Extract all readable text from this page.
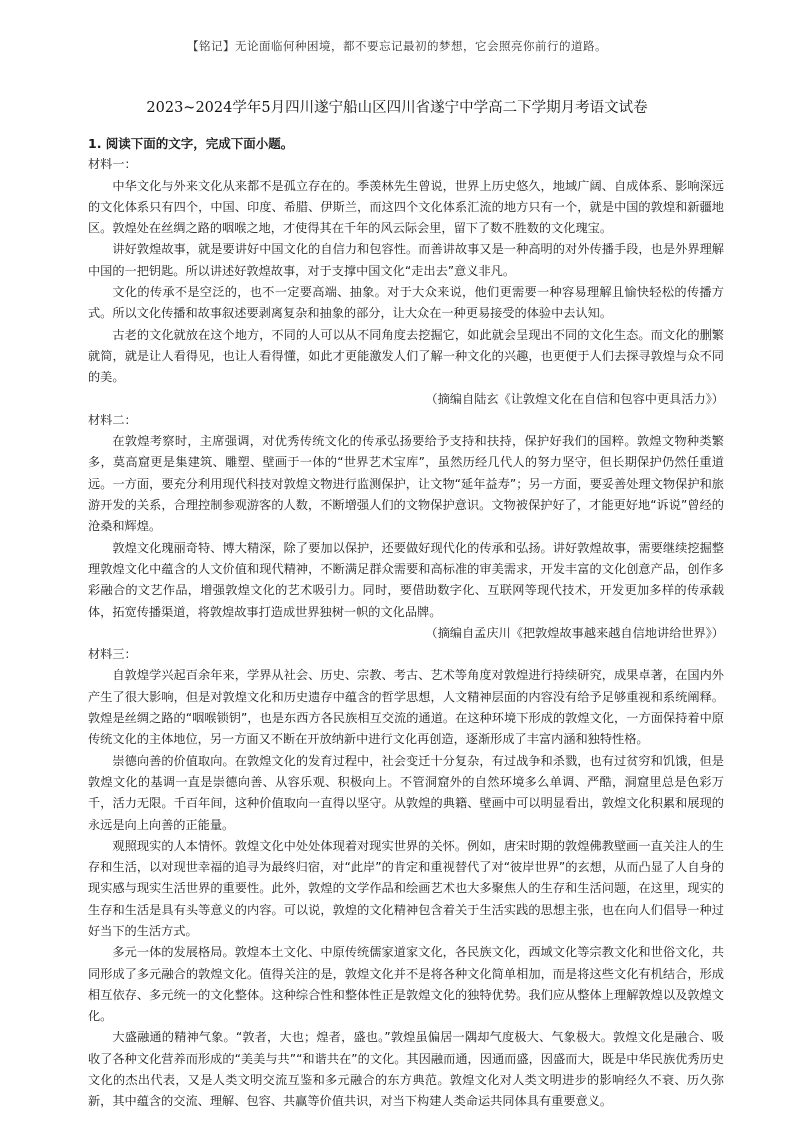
【铭记】无论面临何种困境，都不要忘记最初的梦想，它会照亮你前行的道路。
2023~2024学年5月四川遂宁船山区四川省遂宁中学高二下学期月考语文试卷

1. 阅读下面的文字，完成下面小题。

材料一：

中华文化与外来文化从来都不是孤立存在的。季羡林先生曾说，世界上历史悠久，地域广阔、自成体系、影响深远的文化体系只有四个，中国、印度、希腊、伊斯兰，而这四个文化体系汇流的地方只有一个，就是中国的敦煌和新疆地区。敦煌处在丝绸之路的咽喉之地，才使得其在千年的风云际会里，留下了数不胜数的文化瑰宝。

讲好敦煌故事，就是要讲好中国文化的自信力和包容性。而善讲故事又是一种高明的对外传播手段，也是外界理解中国的一把钥匙。所以讲述好敦煌故事，对于支撑中国文化“走出去”意义非凡。

文化的传承不是空泛的，也不一定要高端、抽象。对于大众来说，他们更需要一种容易理解且愉快轻松的传播方式。所以文化传播和故事叙述要剥离复杂和抽象的部分，让大众在一种更易接受的体验中去认知。

古老的文化就放在这个地方，不同的人可以从不同角度去挖掘它，如此就会呈现出不同的文化生态。而文化的删繁就简，就是让人看得见，也让人看得懂，如此才更能激发人们了解一种文化的兴趣，也更便于人们去探寻敦煌与众不同的美。

（摘编自陆玄《让敦煌文化在自信和包容中更具活力》）

材料二：

在敦煌考察时，主席强调，对优秀传统文化的传承弘扬要给予支持和扶持，保护好我们的国粹。敦煌文物种类繁多，莫高窟更是集建筑、雕塑、壁画于一体的“世界艺术宝库”，虽然历经几代人的努力坚守，但长期保护仍然任重道远。一方面，要充分利用现代科技对敦煌文物进行监测保护，让文物“延年益寿”；另一方面，要妥善处理文物保护和旅游开发的关系，合理控制参观游客的人数，不断增强人们的文物保护意识。文物被保护好了，才能更好地“诉说”曾经的沧桑和辉煌。

敦煌文化瑰丽奇特、博大精深，除了要加以保护，还要做好现代化的传承和弘扬。讲好敦煌故事，需要继续挖掘整理敦煌文化中蕴含的人文价值和现代精神，不断满足群众需要和高标准的审美需求，开发丰富的文化创意产品，创作多彩融合的文艺作品，增强敦煌文化的艺术吸引力。同时，要借助数字化、互联网等现代技术，开发更加多样的传承载体，拓宽传播渠道，将敦煌故事打造成世界独树一帜的文化品牌。

（摘编自孟庆川《把敦煌故事越来越自信地讲给世界》）

材料三：

自敦煌学兴起百余年来，学界从社会、历史、宗教、考古、艺术等角度对敦煌进行持续研究，成果卓著，在国内外产生了很大影响，但是对敦煌文化和历史遗存中蕴含的哲学思想，人文精神层面的内容没有给予足够重视和系统阐释。敦煌是丝绸之路的“咽喉锁钥”，也是东西方各民族相互交流的通道。在这种环境下形成的敦煌文化，一方面保持着中原传统文化的主体地位，另一方面又不断在开放纳新中进行文化再创造，逐渐形成了丰富内涵和独特性格。

崇德向善的价值取向。在敦煌文化的发育过程中，社会变迁十分复杂，有过战争和杀戮，也有过贫穷和饥饿，但是敦煌文化的基调一直是崇德向善、从容乐观、积极向上。不管洞窟外的自然环境多么单调、严酷，洞窟里总是色彩万千，活力无限。千百年间，这种价值取向一直得以坚守。从敦煌的典籍、壁画中可以明显看出，敦煌文化积累和展现的永远是向上向善的正能量。

观照现实的人本情怀。敦煌文化中处处体现着对现实世界的关怀。例如，唐宋时期的敦煌佛教壁画一直关注人的生存和生活，以对现世幸福的追寻为最终归宿，对“此岸”的肯定和重视替代了对“彼岸世界”的玄想，从而凸显了人自身的现实感与现实生活世界的重要性。此外，敦煌的文学作品和绘画艺术也大多聚焦人的生存和生活问题，在这里，现实的生存和生活是具有头等意义的内容。可以说，敦煌的文化精神包含着关于生活实践的思想主张，也在向人们倡导一种过好当下的生活方式。

多元一体的发展格局。敦煌本土文化、中原传统儒家道家文化，各民族文化，西域文化等宗教文化和世俗文化，共同形成了多元融合的敦煌文化。值得关注的是，敦煌文化并不是将各种文化简单相加，而是将这些文化有机结合，形成相互依存、多元统一的文化整体。这种综合性和整体性正是敦煌文化的独特优势。我们应从整体上理解敦煌以及敦煌文化。

大盛融通的精神气象。“敦者，大也；煌者，盛也。”敦煌虽偏居一隅却气度极大、气象极大。敦煌文化是融合、吸收了各种文化营养而形成的“美美与共”“和谐共在”的文化。其因融而通，因通而盛，因盛而大，既是中华民族优秀历史文化的杰出代表，又是人类文明交流互鉴和多元融合的东方典范。敦煌文化对人类文明进步的影响经久不衰、历久弥新，其中蕴含的交流、理解、包容、共赢等价值共识，对当下构建人类命运共同体具有重要意义。
